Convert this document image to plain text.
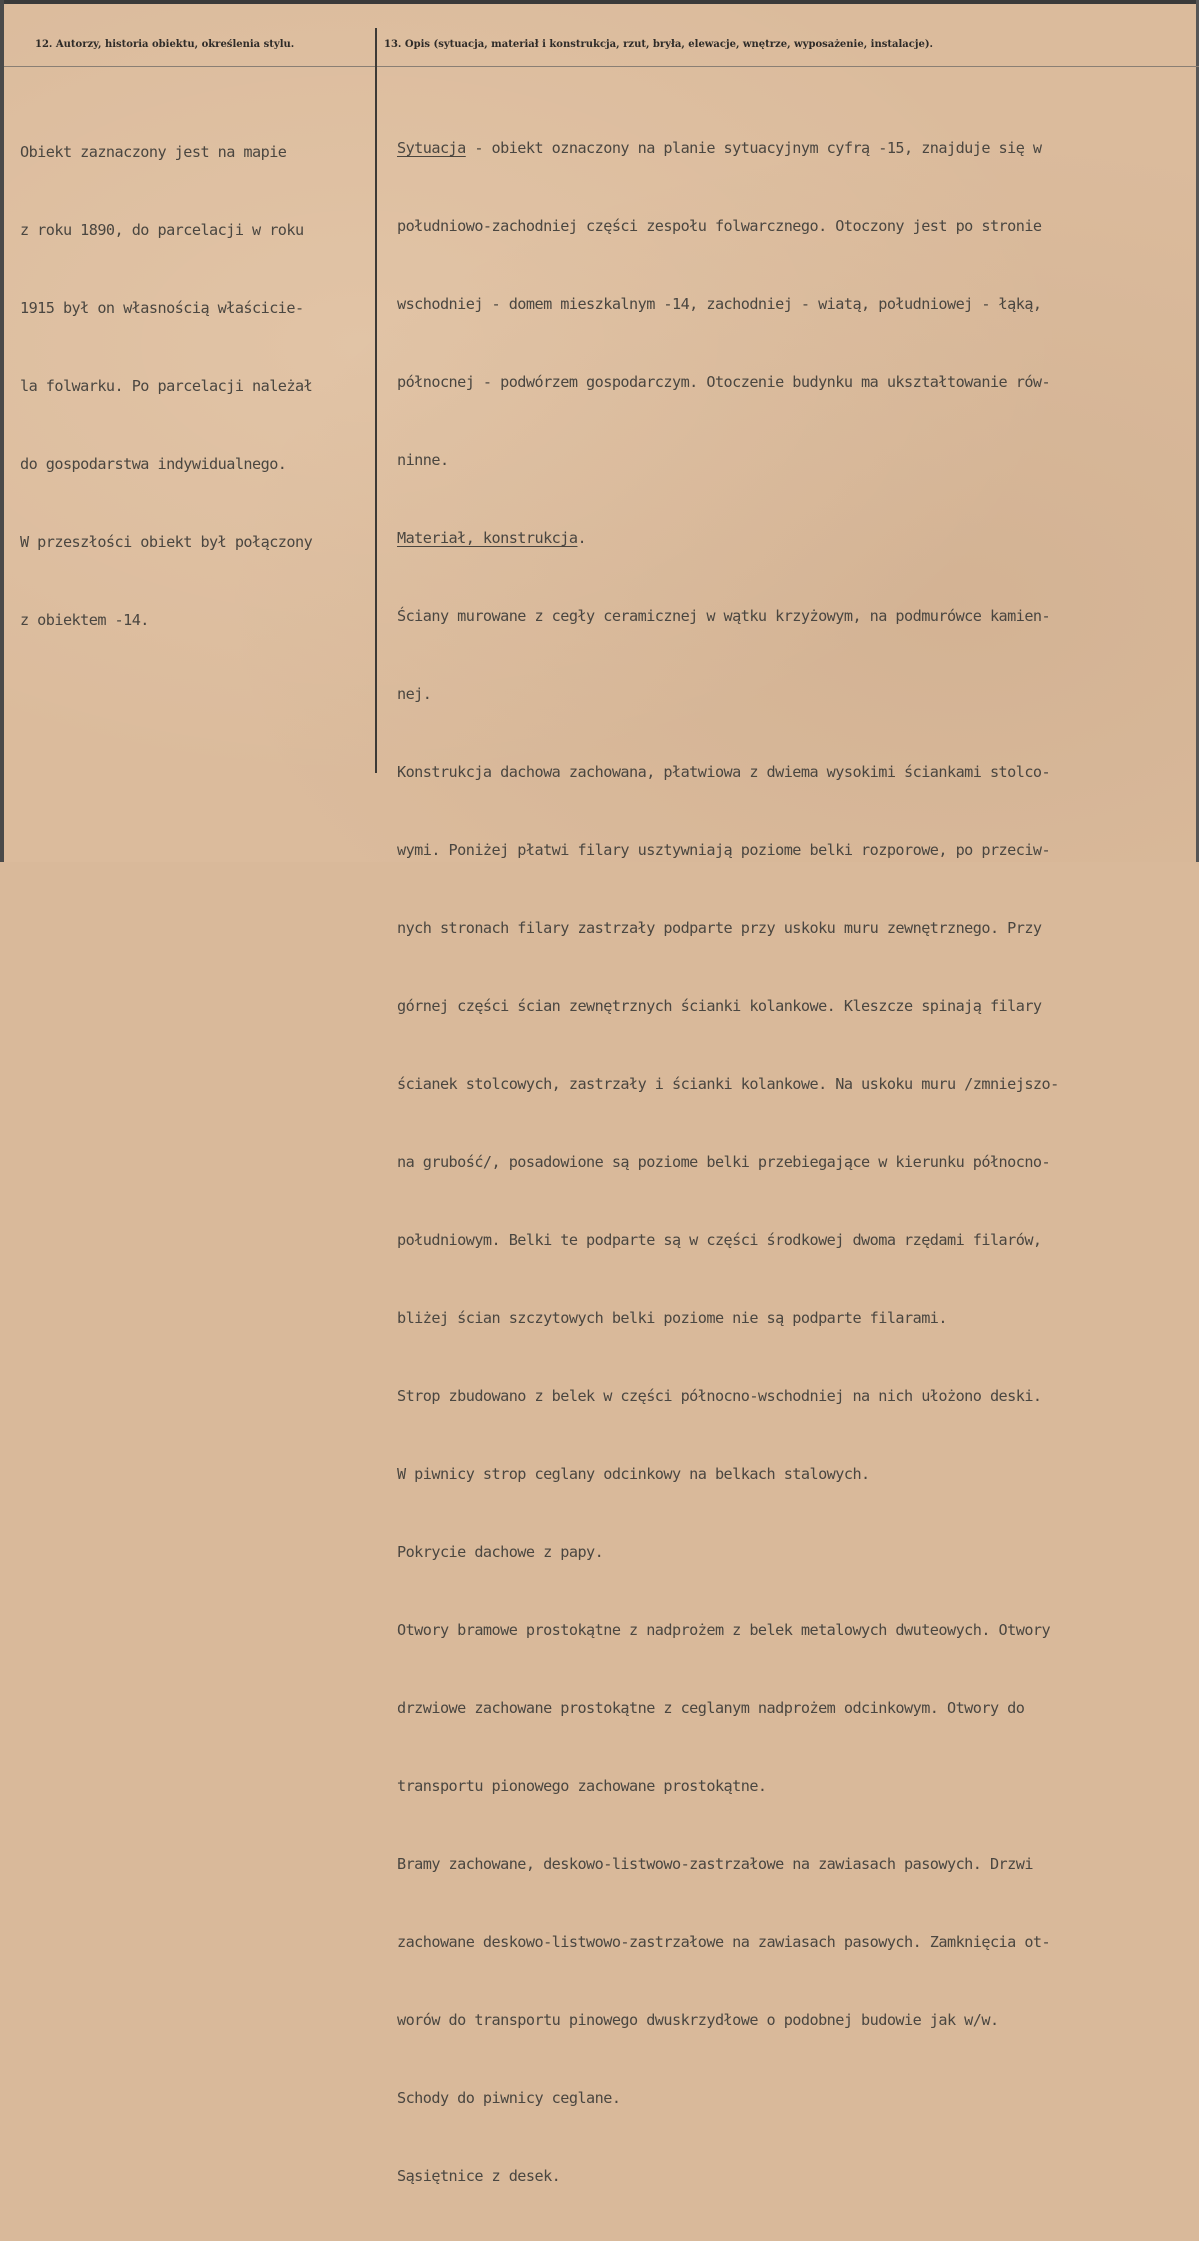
12. Autorzy, historia obiektu, określenia stylu.	13. Opis (sytuacja, materiał i konstrukcja, rzut, bryła, elewacje, wnętrze, wyposażenie, instalacje).

Obiekt zaznaczony jest na mapie

z roku 1890, do parcelacji w roku

1915 był on własnością właściciе-

la folwarku. Po parcelacji należał

do gospodarstwa indywidualnego.

W przeszłości obiekt był połączony

z obiektem -14.

Sytuacja - obiekt oznaczony na planie sytuacyjnym cyfrą -15, znajduje się w

południowo-zachodniej części zespołu folwarcznego. Otoczony jest po stronie

wschodniej - domem mieszkalnym -14, zachodniej - wiatą, południowej - łąką,

północnej - podwórzem gospodarczym. Otoczenie budynku ma ukształtowanie rów-

ninne.

Materiał, konstrukcja.

Ściany murowane z cegły ceramicznej w wątku krzyżowym, na podmurówce kamien-

nej.

Konstrukcja dachowa zachowana, płatwiowa z dwiema wysokimi ściankami stolco-

wymi. Poniżej płatwi filary usztywniają poziome belki rozporowe, po przeciw-

nych stronach filary zastrzały podparte przy uskoku muru zewnętrznego. Przy

górnej części ścian zewnętrznych ścianki kolankowe. Kleszcze spinają filary

ścianek stolcowych, zastrzały i ścianki kolankowe. Na uskoku muru /zmniejszo-

na grubość/, posadowione są poziome belki przebiegające w kierunku północno-

południowym. Belki te podparte są w części środkowej dwoma rzędami filarów,

bliżej ścian szczytowych belki poziome nie są podparte filarami.

Strop zbudowano z belek w części północno-wschodniej na nich ułożono deski.

W piwnicy strop ceglany odcinkowy na belkach stalowych.

Pokrycie dachowe z papy.

Otwory bramowe prostokątne z nadprożem z belek metalowych dwuteowych. Otwory

drzwiowe zachowane prostokątne z ceglanym nadprożem odcinkowym. Otwory do

transportu pionowego zachowane prostokątne.

Bramy zachowane, deskowo-listwowo-zastrzałowe na zawiasach pasowych. Drzwi

zachowane deskowo-listwowo-zastrzałowe na zawiasach pasowych. Zamknięcia ot-

worów do transportu pinowego dwuskrzydłowe o podobnej budowie jak w/w.

Schody do piwnicy ceglane.

Sąsiętnice z desek.
